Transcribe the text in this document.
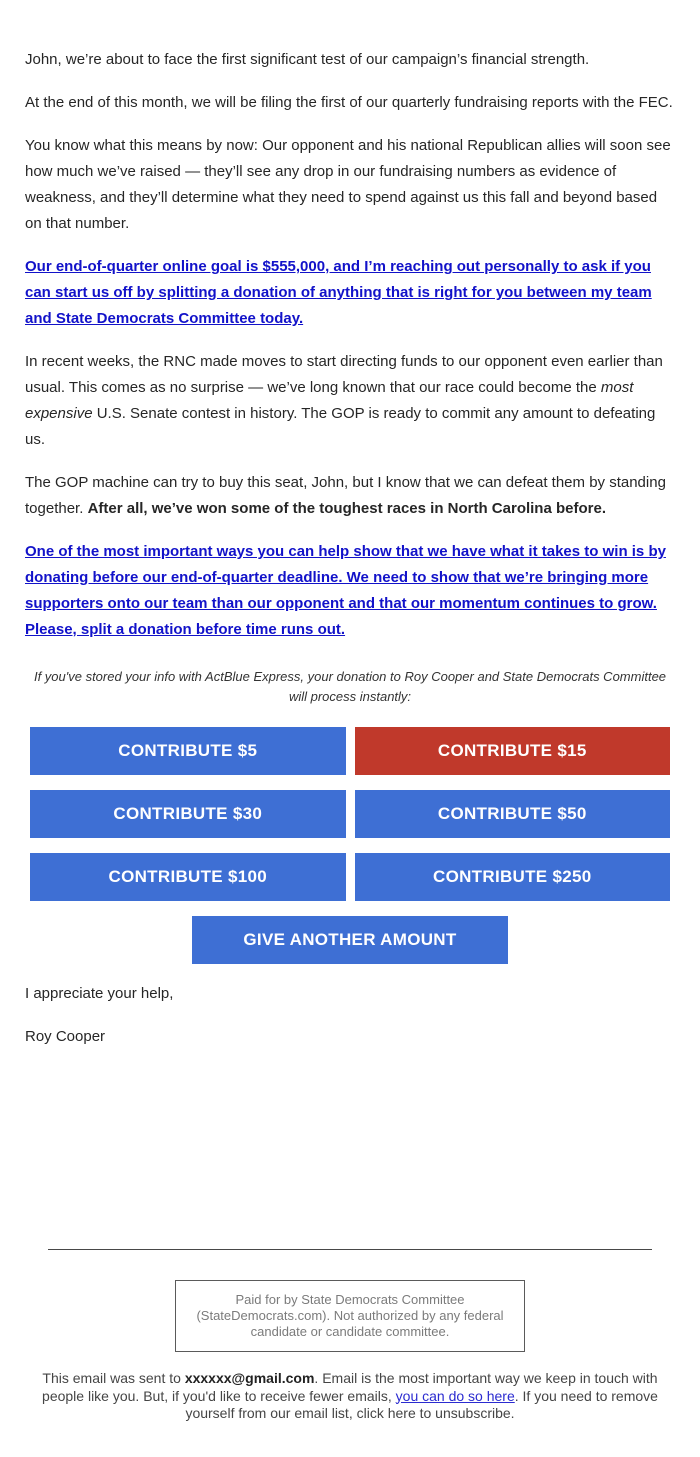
John, we’re about to face the first significant test of our campaign’s financial strength.

At the end of this month, we will be filing the first of our quarterly fundraising reports with the FEC.

You know what this means by now: Our opponent and his national Republican allies will soon see how much we’ve raised — they’ll see any drop in our fundraising numbers as evidence of weakness, and they’ll determine what they need to spend against us this fall and beyond based on that number.

Our end-of-quarter online goal is $555,000, and I’m reaching out personally to ask if you can start us off by splitting a donation of anything that is right for you between my team and State Democrats Committee today.

In recent weeks, the RNC made moves to start directing funds to our opponent even earlier than usual. This comes as no surprise — we’ve long known that our race could become the most expensive U.S. Senate contest in history. The GOP is ready to commit any amount to defeating us.

The GOP machine can try to buy this seat, John, but I know that we can defeat them by standing together. After all, we’ve won some of the toughest races in North Carolina before.

One of the most important ways you can help show that we have what it takes to win is by donating before our end-of-quarter deadline. We need to show that we’re bringing more supporters onto our team than our opponent and that our momentum continues to grow. Please, split a donation before time runs out.

If you've stored your info with ActBlue Express, your donation to Roy Cooper and State Democrats Committee will process instantly:

CONTRIBUTE $5	CONTRIBUTE $15
CONTRIBUTE $30	CONTRIBUTE $50
CONTRIBUTE $100	CONTRIBUTE $250
GIVE ANOTHER AMOUNT

I appreciate your help,

Roy Cooper

Paid for by State Democrats Committee
(StateDemocrats.com). Not authorized by any federal
candidate or candidate committee.
This email was sent to xxxxxx@gmail.com. Email is the most important way we keep in touch with people like you. But, if you'd like to receive fewer emails, you can do so here. If you need to remove yourself from our email list, click here to unsubscribe.
